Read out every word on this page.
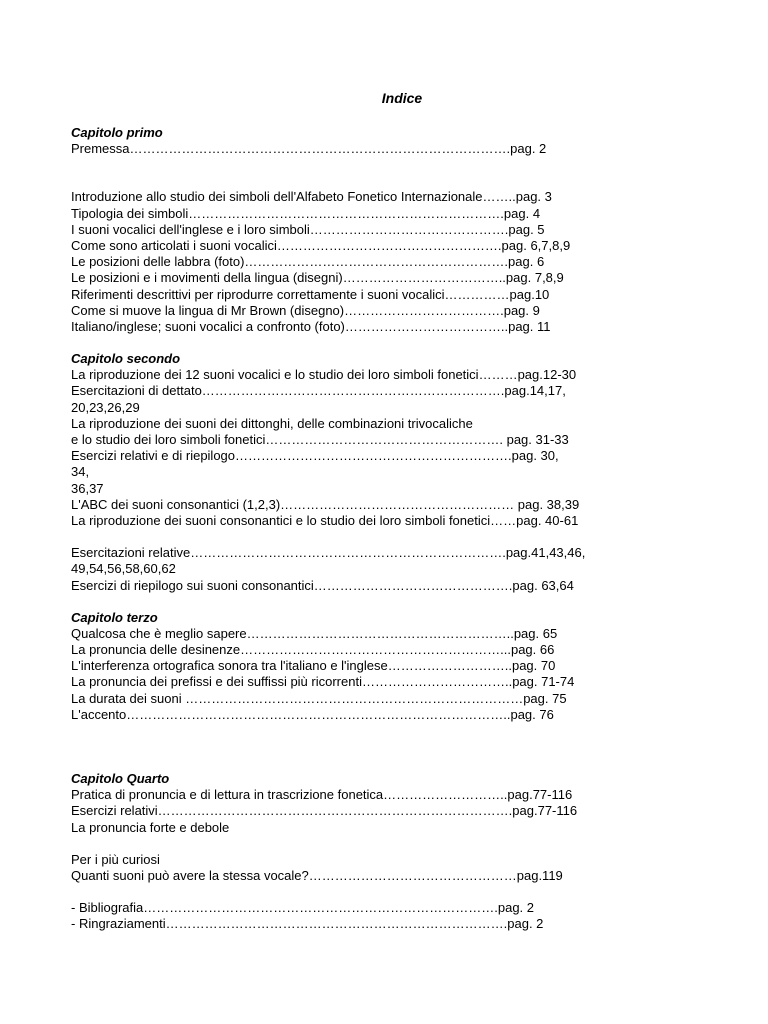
Indice
Capitolo primo
Premessa…………………………………………………………………………….pag. 2
Introduzione allo studio dei simboli dell'Alfabeto Fonetico Internazionale……..pag. 3
Tipologia dei simboli……………………………………………………………….pag. 4
I suoni vocalici dell'inglese e i loro simboli……………………………………….pag. 5
Come sono articolati i suoni vocalici…………………………………………….pag. 6,7,8,9
Le posizioni delle labbra (foto)…………………………………………………….pag. 6
Le posizioni e i movimenti della lingua (disegni)………………………………..pag. 7,8,9
Riferimenti descrittivi per riprodurre correttamente i suoni vocalici……………pag.10
Come si muove la lingua di Mr Brown (disegno)……………………………….pag. 9
Italiano/inglese; suoni vocalici a confronto (foto)………………………………..pag. 11
Capitolo secondo
La riproduzione dei 12 suoni vocalici e lo studio dei loro simboli fonetici………pag.12-30
Esercitazioni di dettato…………………………………………………………….pag.14,17,
20,23,26,29
La riproduzione dei suoni dei dittonghi, delle combinazioni trivocaliche
e lo studio dei loro simboli fonetici………………………………………………. pag. 31-33
Esercizi relativi e di riepilogo……………………………………………………….pag. 30,
34,
36,37
L'ABC dei suoni consonantici (1,2,3)……………………………………………… pag. 38,39
La riproduzione dei suoni consonantici e lo studio dei loro simboli fonetici……pag. 40-61
Esercitazioni relative……………………………………………………………….pag.41,43,46,
49,54,56,58,60,62
Esercizi di riepilogo sui suoni consonantici……………………………………….pag. 63,64
Capitolo terzo
Qualcosa che è meglio sapere……………………………………………………..pag. 65
La pronuncia delle desinenze……………………………………………………...pag. 66
L'interferenza ortografica sonora tra l'italiano e l'inglese………………………..pag. 70
La pronuncia dei prefissi e dei suffissi più ricorrenti……………………………..pag. 71-74
La durata dei suoni ……………………………………………………………………pag. 75
L'accento……………………………………………………………………………..pag. 76
Capitolo Quarto
Pratica di pronuncia e di lettura in trascrizione fonetica………………………..pag.77-116
Esercizi relativi……………………………………………………………………….pag.77-116
La pronuncia forte e debole
Per i più curiosi
Quanti suoni può avere la stessa vocale?…………………………………………pag.119
- Bibliografia……………………………………………………………………….pag. 2
- Ringraziamenti…………………………………………………………………….pag. 2
